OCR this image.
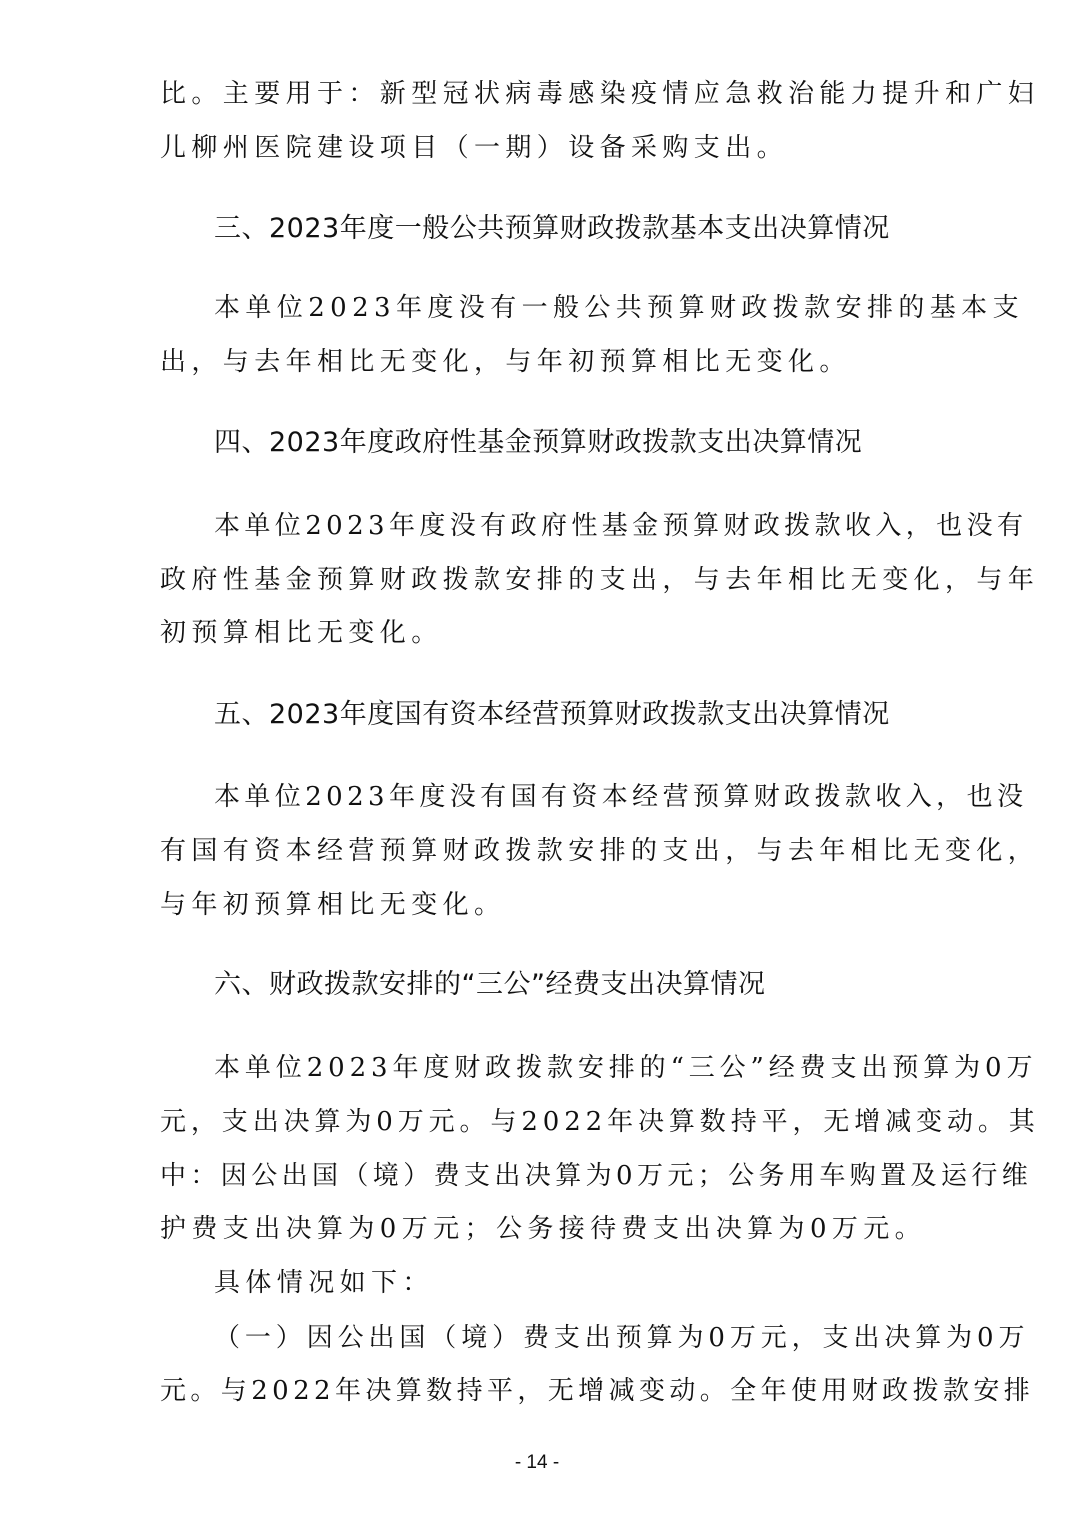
比。主要用于：新型冠状病毒感染疫情应急救治能力提升和广妇
儿柳州医院建设项目（一期）设备采购支出。
三、2023年度一般公共预算财政拨款基本支出决算情况
本单位2023年度没有一般公共预算财政拨款安排的基本支
出，与去年相比无变化，与年初预算相比无变化。
四、2023年度政府性基金预算财政拨款支出决算情况
本单位2023年度没有政府性基金预算财政拨款收入，也没有
政府性基金预算财政拨款安排的支出，与去年相比无变化，与年
初预算相比无变化。
五、2023年度国有资本经营预算财政拨款支出决算情况
本单位2023年度没有国有资本经营预算财政拨款收入，也没
有国有资本经营预算财政拨款安排的支出，与去年相比无变化，
与年初预算相比无变化。
六、财政拨款安排的“三公”经费支出决算情况
本单位2023年度财政拨款安排的“三公”经费支出预算为0万
元，支出决算为0万元。与2022年决算数持平，无增减变动。其
中：因公出国（境）费支出决算为0万元；公务用车购置及运行维
护费支出决算为0万元；公务接待费支出决算为0万元。
具体情况如下：
（一）因公出国（境）费支出预算为0万元，支出决算为0万
元。与2022年决算数持平，无增减变动。全年使用财政拨款安排
- 14 -
